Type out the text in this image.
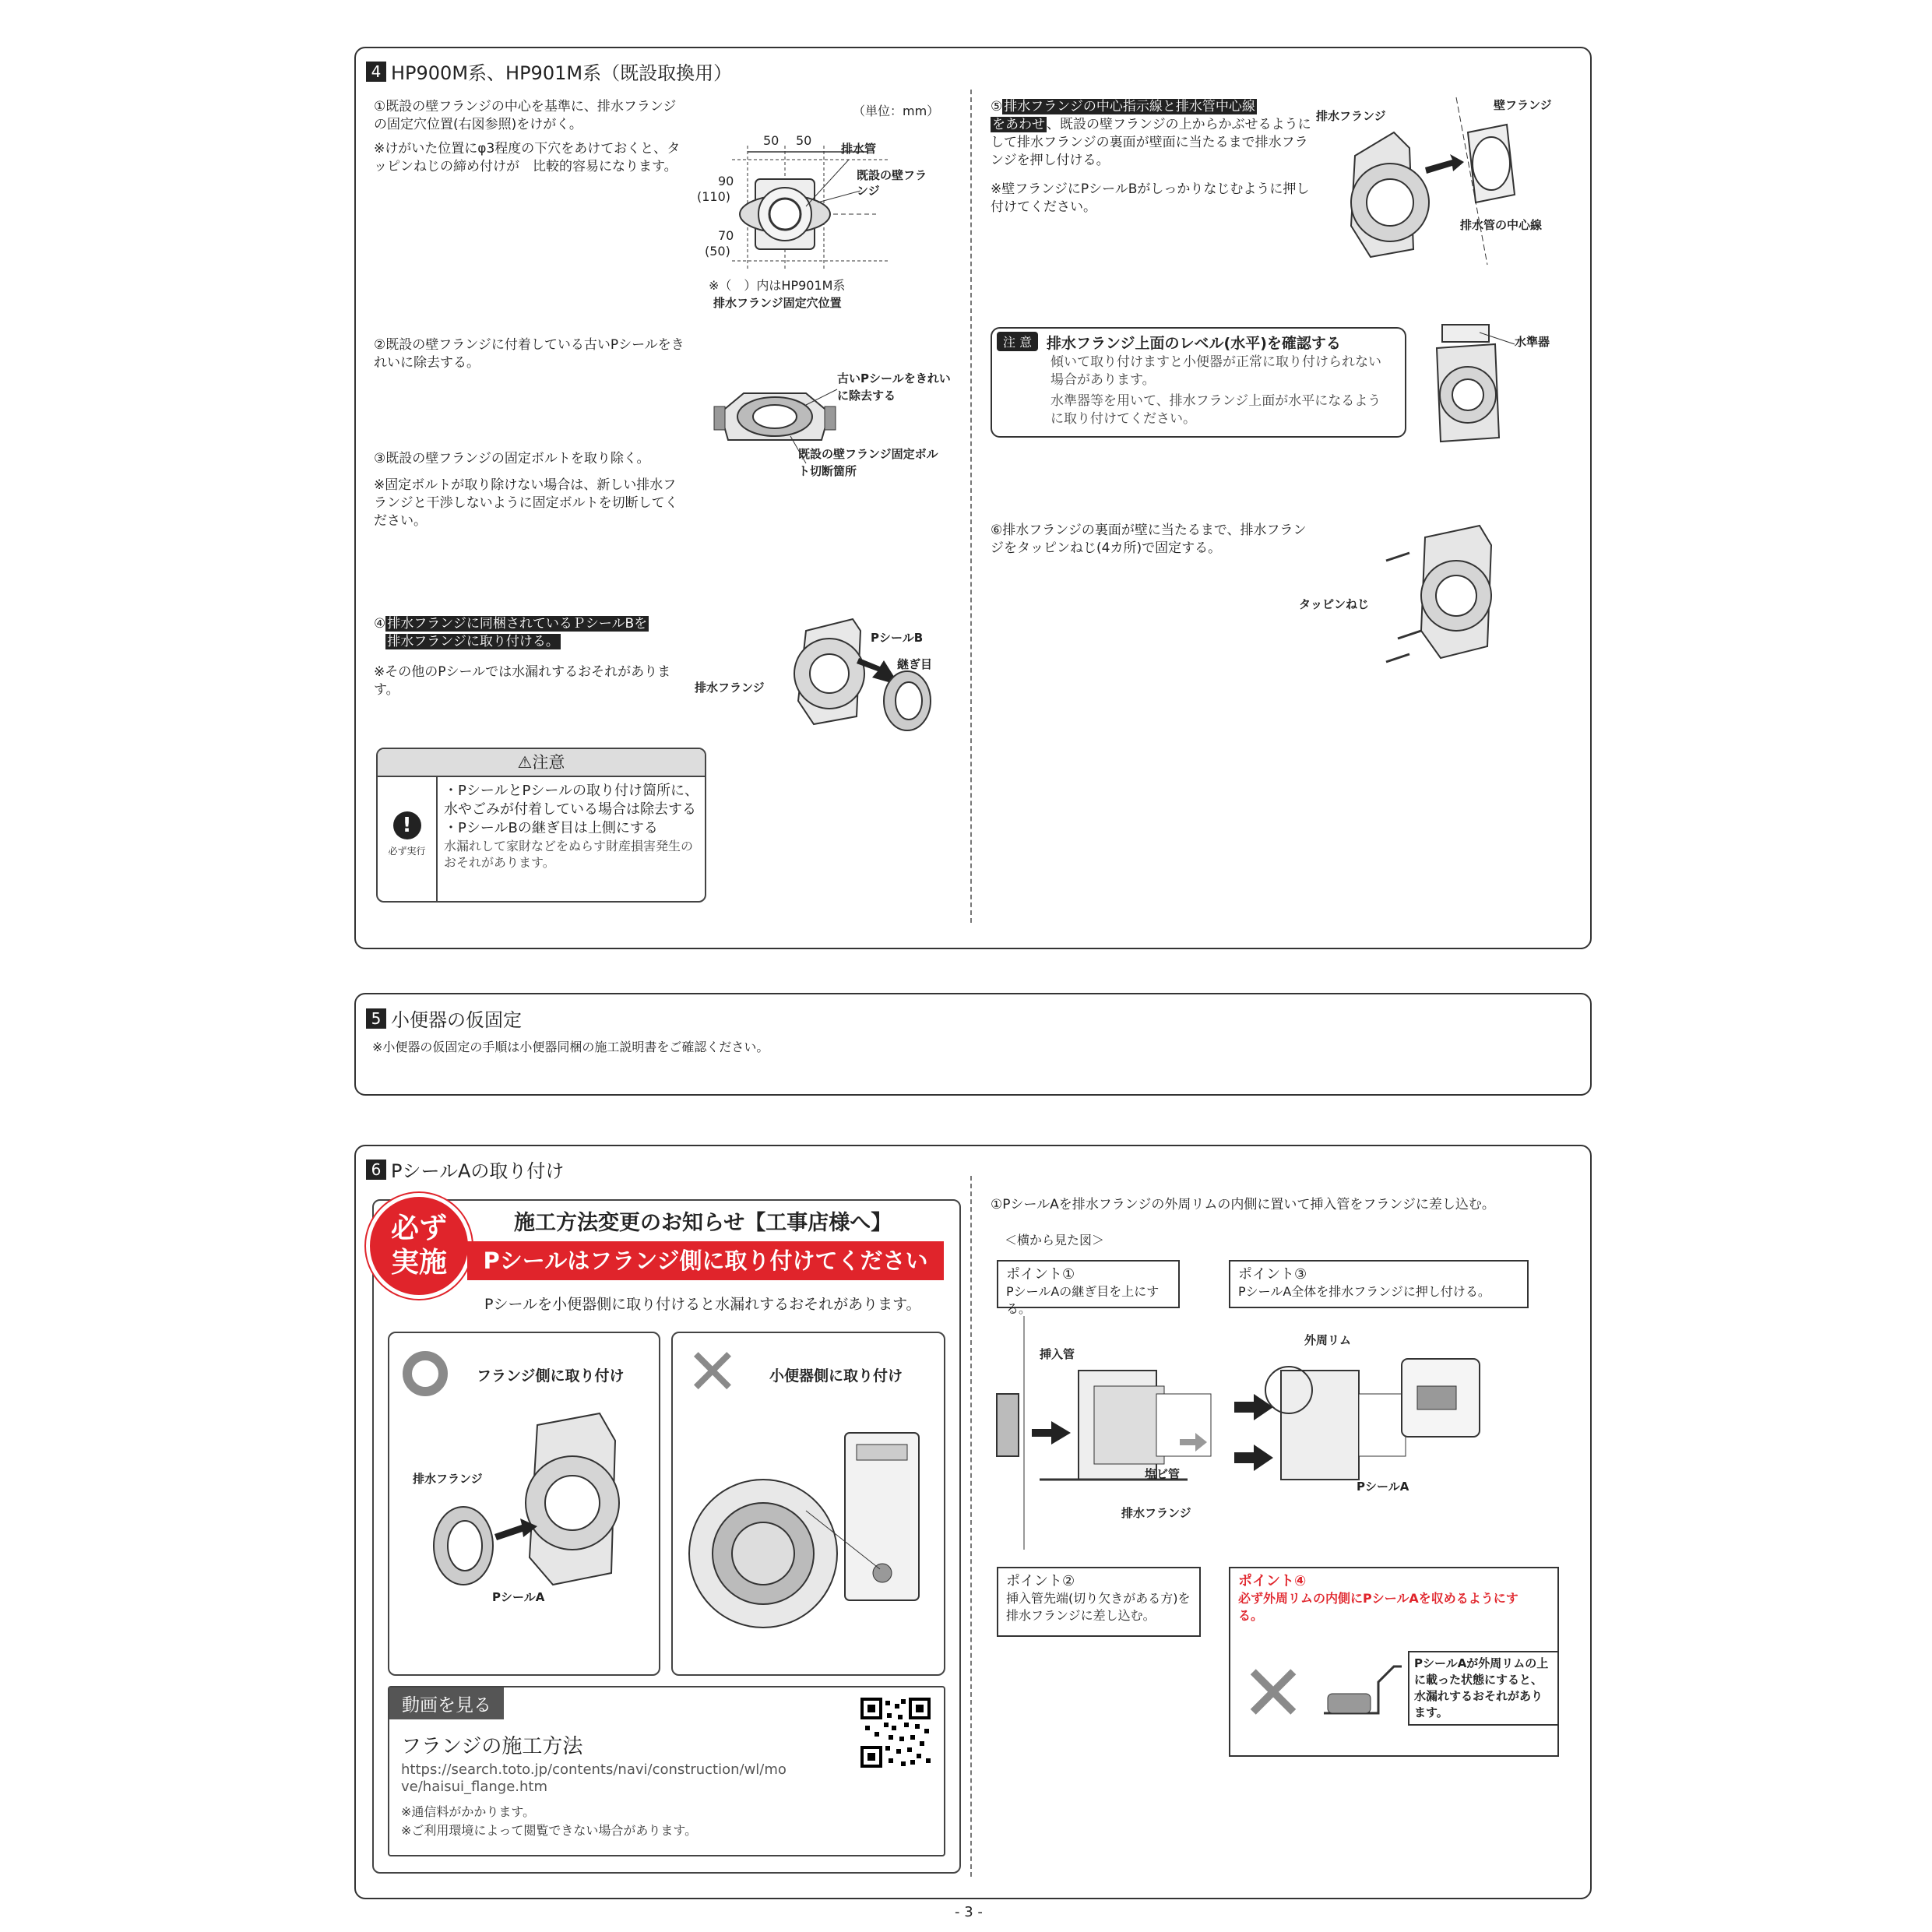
4 HP900M系、HP901M系（既設取換用）
①既設の壁フランジの中心を基準に、排水フランジの固定穴位置(右図参照)をけがく。
※けがいた位置にφ3程度の下穴をあけておくと、タッピンねじの締め付けが　比較的容易になります。
（単位：mm）
50 50
90
(110)
70
(50)
排水管
既設の壁フランジ
※（　）内はHP901M系
排水フランジ固定穴位置
②既設の壁フランジに付着している古いPシールをきれいに除去する。
古いPシールをきれいに除去する
③既設の壁フランジの固定ボルトを取り除く。
※固定ボルトが取り除けない場合は、新しい排水フランジと干渉しないように固定ボルトを切断してください。
既設の壁フランジ固定ボルト切断箇所
④ 排水フランジに同梱されているＰシールBを
排水フランジに取り付ける。
※その他のPシールでは水漏れするおそれがあります。
PシールB
継ぎ目
排水フランジ
⚠注意
!
必ず実行
・PシールとPシールの取り付け箇所に、水やごみが付着している場合は除去する
・PシールBの継ぎ目は上側にする
水漏れして家財などをぬらす財産損害発生のおそれがあります。
⑤ 排水フランジの中心指示線と排水管中心線
をあわせ 、既設の壁フランジの上からかぶせるようにして排水フランジの裏面が壁面に当たるまで排水フランジを押し付ける。
※壁フランジにPシールBがしっかりなじむように押し付けてください。
排水フランジ
壁フランジ
排水管の中心線
注 意 排水フランジ上面のレベル(水平)を確認する
傾いて取り付けますと小便器が正常に取り付けられない場合があります。
水準器等を用いて、排水フランジ上面が水平になるように取り付けてください。
水準器
⑥排水フランジの裏面が壁に当たるまで、排水フランジをタッピンねじ(4カ所)で固定する。
タッピンねじ
5 小便器の仮固定
※小便器の仮固定の手順は小便器同梱の施工説明書をご確認ください。
6 PシールAの取り付け
必ず実施
施工方法変更のお知らせ【工事店様へ】
Pシールはフランジ側に取り付けてください
Pシールを小便器側に取り付けると水漏れするおそれがあります。
フランジ側に取り付け
排水フランジ
PシールA
✕ 小便器側に取り付け
動画を見る
フランジの施工方法
https://search.toto.jp/contents/navi/construction/wl/move/haisui_flange.htm
※通信料がかかります。
※ご利用環境によって閲覧できない場合があります。
①PシールAを排水フランジの外周リムの内側に置いて挿入管をフランジに差し込む。
＜横から見た図＞
ポイント①
PシールAの継ぎ目を上にする。
ポイント③
PシールA全体を排水フランジに押し付ける。
挿入管
塩ビ管
排水フランジ
外周リム
PシールA
ポイント②
挿入管先端(切り欠きがある方)を排水フランジに差し込む。
ポイント④
必ず外周リムの内側にPシールAを収めるようにする。
✕	PシールAが外周リムの上に載った状態にすると、水漏れするおそれがあります。
- 3 -
